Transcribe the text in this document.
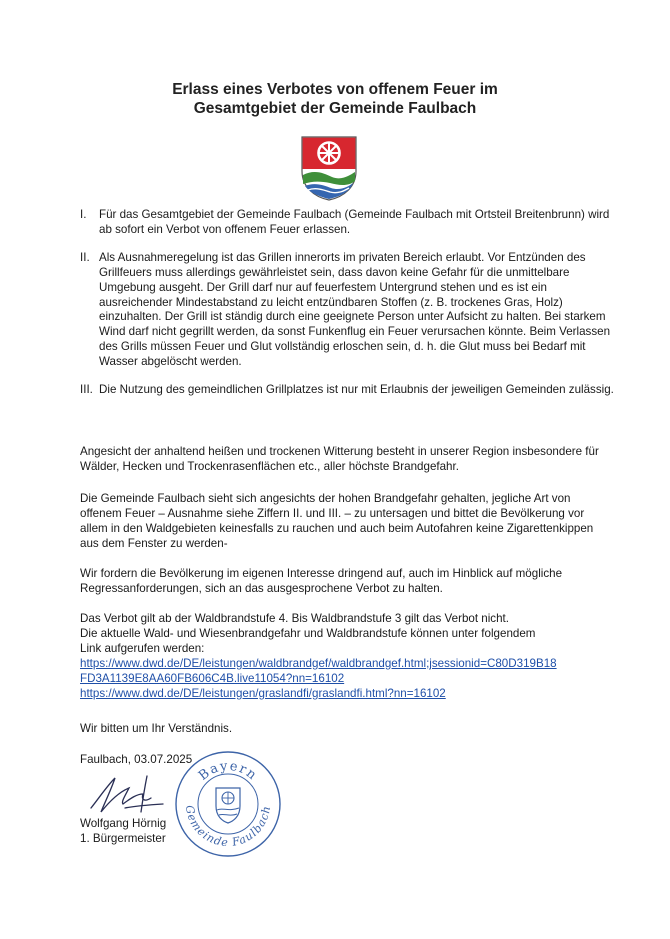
Erlass eines Verbotes von offenem Feuer im
Gesamtgebiet der Gemeinde Faulbach
I.	Für das Gesamtgebiet der Gemeinde Faulbach (Gemeinde Faulbach mit Ortsteil Breitenbrunn) wird ab sofort ein Verbot von offenem Feuer erlassen.
II. Als Ausnahmeregelung ist das Grillen innerorts im privaten Bereich erlaubt. Vor Entzünden des Grillfeuers muss allerdings gewährleistet sein, dass davon keine Gefahr für die unmittelbare Umgebung ausgeht. Der Grill darf nur auf feuerfestem Untergrund stehen und es ist ein ausreichender Mindestabstand zu leicht entzündbaren Stoffen (z. B. trockenes Gras, Holz) einzuhalten. Der Grill ist ständig durch eine geeignete Person unter Aufsicht zu halten. Bei starkem Wind darf nicht gegrillt werden, da sonst Funkenflug ein Feuer verursachen könnte. Beim Verlassen des Grills müssen Feuer und Glut vollständig erloschen sein, d. h. die Glut muss bei Bedarf mit Wasser abgelöscht werden.
III. Die Nutzung des gemeindlichen Grillplatzes ist nur mit Erlaubnis der jeweiligen Gemeinden zulässig.

Angesicht der anhaltend heißen und trockenen Witterung besteht in unserer Region insbesondere für Wälder, Hecken und Trockenrasenflächen etc., aller höchste Brandgefahr.

Die Gemeinde Faulbach sieht sich angesichts der hohen Brandgefahr gehalten, jegliche Art von offenem Feuer – Ausnahme siehe Ziffern II. und III. – zu untersagen und bittet die Bevölkerung vor allem in den Waldgebieten keinesfalls zu rauchen und auch beim Autofahren keine Zigarettenkippen aus dem Fenster zu werden-

Wir fordern die Bevölkerung im eigenen Interesse dringend auf, auch im Hinblick auf mögliche Regressanforderungen, sich an das ausgesprochene Verbot zu halten.

Das Verbot gilt ab der Waldbrandstufe 4. Bis Waldbrandstufe 3 gilt das Verbot nicht.
Die aktuelle Wald- und Wiesenbrandgefahr und Waldbrandstufe können unter folgendem
Link aufgerufen werden:
https://www.dwd.de/DE/leistungen/waldbrandgef/waldbrandgef.html;jsessionid=C80D319B18
FD3A1139E8AA60FB606C4B.live11054?nn=16102
https://www.dwd.de/DE/leistungen/graslandfi/graslandfi.html?nn=16102

Wir bitten um Ihr Verständnis.

Faulbach, 03.07.2025
Wolfgang Hörnig
1. Bürgermeister
Bayern
Gemeinde Faulbach
